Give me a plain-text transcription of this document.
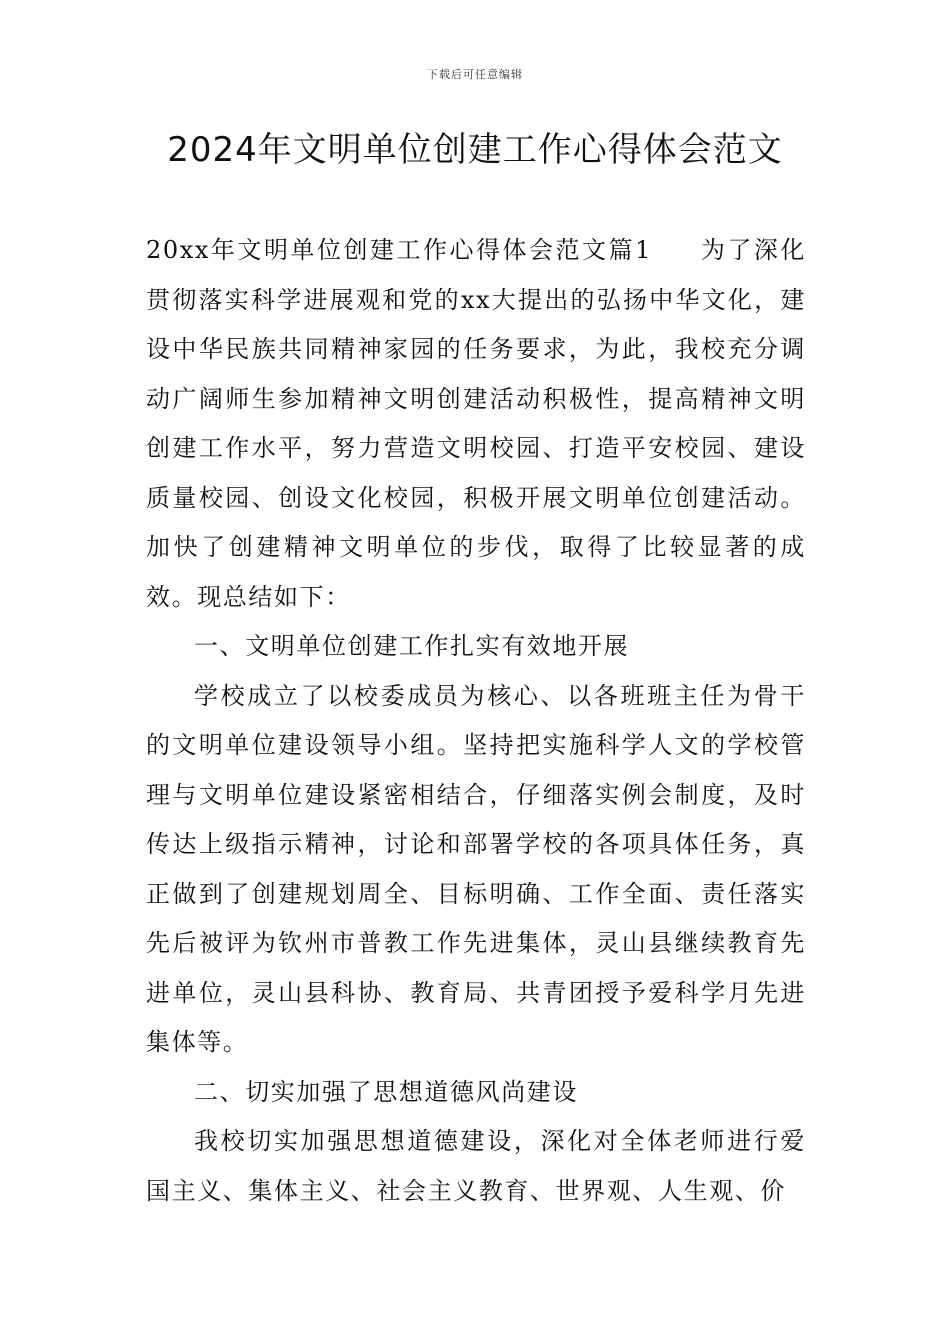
下载后可任意编辑
2024年文明单位创建工作心得体会范文

20xx年文明单位创建工作心得体会范文篇1 为了深化贯彻落实科学进展观和党的xx大提出的弘扬中华文化，建设中华民族共同精神家园的任务要求，为此，我校充分调动广阔师生参加精神文明创建活动积极性，提高精神文明创建工作水平，努力营造文明校园、打造平安校园、建设质量校园、创设文化校园，积极开展文明单位创建活动。加快了创建精神文明单位的步伐，取得了比较显著的成效。现总结如下：

一、文明单位创建工作扎实有效地开展

学校成立了以校委成员为核心、以各班班主任为骨干的文明单位建设领导小组。坚持把实施科学人文的学校管理与文明单位建设紧密相结合，仔细落实例会制度，及时传达上级指示精神，讨论和部署学校的各项具体任务，真正做到了创建规划周全、目标明确、工作全面、责任落实先后被评为钦州市普教工作先进集体，灵山县继续教育先进单位，灵山县科协、教育局、共青团授予爱科学月先进集体等。

二、切实加强了思想道德风尚建设

我校切实加强思想道德建设，深化对全体老师进行爱国主义、集体主义、社会主义教育、世界观、人生观、价
